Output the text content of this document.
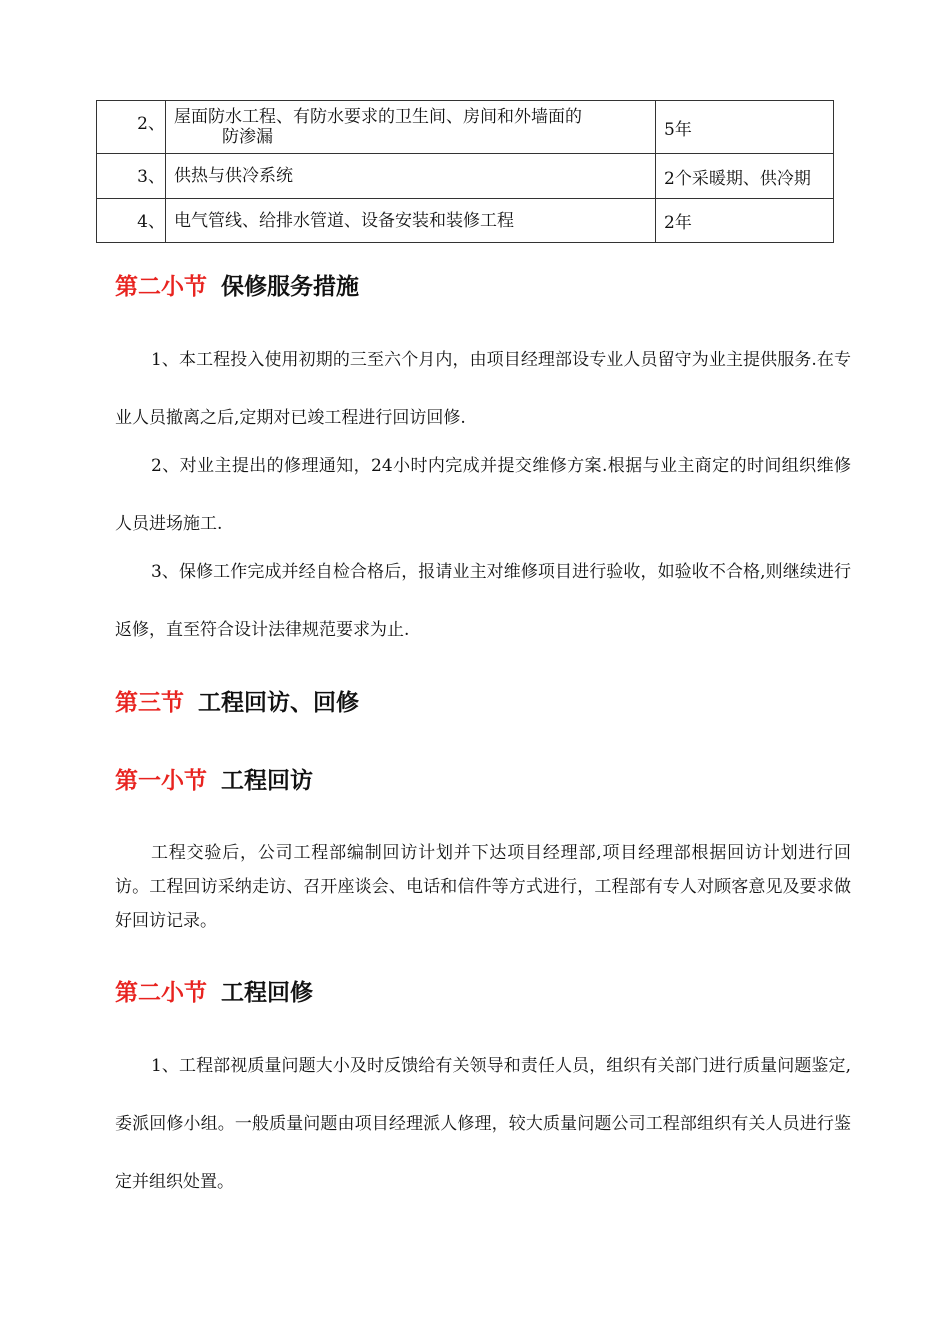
2、	屋面防水工程、有防水要求的卫生间、房间和外墙面的
防渗漏	5年
3、	供热与供冷系统	2个采暖期、供冷期
4、	电气管线、给排水管道、设备安装和装修工程	2年
第二小节 保修服务措施

1、本工程投入使用初期的三至六个月内，由项目经理部设专业人员留守为业主提供服务.在专业人员撤离之后,定期对已竣工程进行回访回修.

2、对业主提出的修理通知，24小时内完成并提交维修方案.根据与业主商定的时间组织维修人员进场施工.

3、保修工作完成并经自检合格后，报请业主对维修项目进行验收，如验收不合格,则继续进行返修，直至符合设计法律规范要求为止.

第三节 工程回访、回修
第一小节 工程回访

工程交验后，公司工程部编制回访计划并下达项目经理部,项目经理部根据回访计划进行回访。工程回访采纳走访、召开座谈会、电话和信件等方式进行，工程部有专人对顾客意见及要求做好回访记录。

第二小节 工程回修

1、工程部视质量问题大小及时反馈给有关领导和责任人员，组织有关部门进行质量问题鉴定,委派回修小组。一般质量问题由项目经理派人修理，较大质量问题公司工程部组织有关人员进行鉴定并组织处置。
